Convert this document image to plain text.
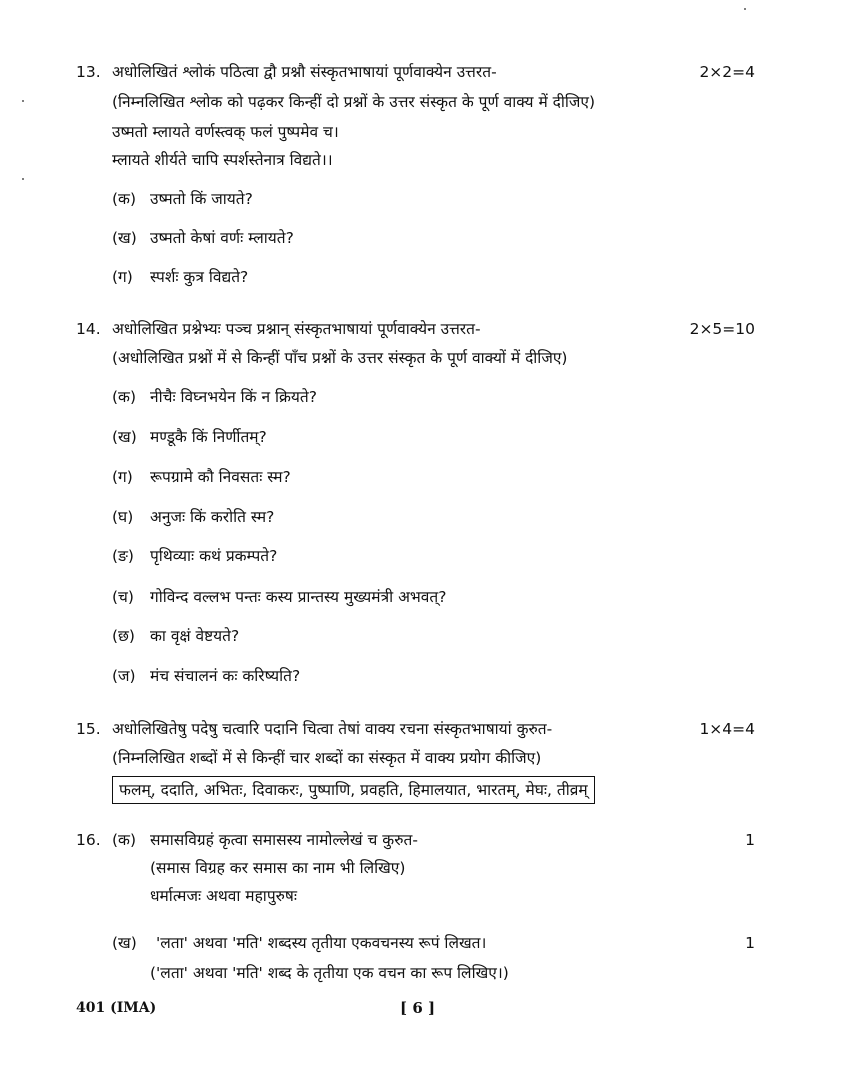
13. अधोलिखितं श्लोकं पठित्वा द्वौ प्रश्नौ संस्कृतभाषायां पूर्णवाक्येन उत्तरत-	2×2=4
(निम्नलिखित श्लोक को पढ़कर किन्हीं दो प्रश्नों के उत्तर संस्कृत के पूर्ण वाक्य में दीजिए)
उष्मतो म्लायते वर्णस्त्वक् फलं पुष्पमेव च।
म्लायते शीर्यते चापि स्पर्शस्तेनात्र विद्यते।।
(क) उष्मतो किं जायते?
(ख) उष्मतो केषां वर्णः म्लायते?
(ग) स्पर्शः कुत्र विद्यते?
14. अधोलिखित प्रश्नेभ्यः पञ्च प्रश्नान् संस्कृतभाषायां पूर्णवाक्येन उत्तरत-	2×5=10
(अधोलिखित प्रश्नों में से किन्हीं पाँच प्रश्नों के उत्तर संस्कृत के पूर्ण वाक्यों में दीजिए)
(क) नीचैः विघ्नभयेन किं न क्रियते?
(ख) मण्डूकै किं निर्णीतम्?
(ग) रूपग्रामे कौ निवसतः स्म?
(घ) अनुजः किं करोति स्म?
(ङ) पृथिव्याः कथं प्रकम्पते?
(च) गोविन्द वल्लभ पन्तः कस्य प्रान्तस्य मुख्यमंत्री अभवत्?
(छ) का वृक्षं वेष्टयते?
(ज) मंच संचालनं कः करिष्यति?
15. अधोलिखितेषु पदेषु चत्वारि पदानि चित्वा तेषां वाक्य रचना संस्कृतभाषायां कुरुत-	1×4=4
(निम्नलिखित शब्दों में से किन्हीं चार शब्दों का संस्कृत में वाक्य प्रयोग कीजिए)
फलम्, ददाति, अभितः, दिवाकरः, पुष्पाणि, प्रवहति, हिमालयात, भारतम्, मेघः, तीव्रम्
16. (क) समासविग्रहं कृत्वा समासस्य नामोल्लेखं च कुरुत-	1
(समास विग्रह कर समास का नाम भी लिखिए)
धर्मात्मजः अथवा महापुरुषः
(ख) 'लता' अथवा 'मति' शब्दस्य तृतीया एकवचनस्य रूपं लिखत।	1
('लता' अथवा 'मति' शब्द के तृतीया एक वचन का रूप लिखिए।)
401 (IMA)	[ 6 ]
